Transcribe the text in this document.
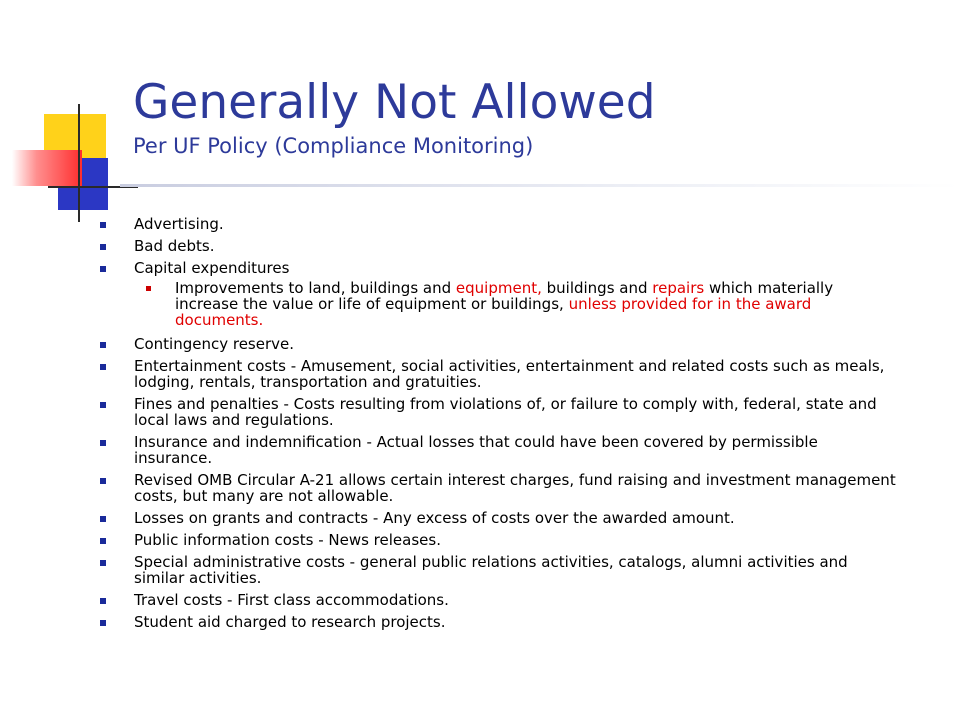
Generally Not Allowed
Per UF Policy (Compliance Monitoring)
Advertising.
Bad debts.
Capital expenditures
Improvements to land, buildings and equipment, buildings and repairs which materially increase the value or life of equipment or buildings, unless provided for in the award documents.
Contingency reserve.
Entertainment costs - Amusement, social activities, entertainment and related costs such as meals, lodging, rentals, transportation and gratuities.
Fines and penalties - Costs resulting from violations of, or failure to comply with, federal, state and local laws and regulations.
Insurance and indemnification - Actual losses that could have been covered by permissible insurance.
Revised OMB Circular A-21 allows certain interest charges, fund raising and investment management costs, but many are not allowable.
Losses on grants and contracts - Any excess of costs over the awarded amount.
Public information costs - News releases.
Special administrative costs - general public relations activities, catalogs, alumni activities and similar activities.
Travel costs - First class accommodations.
Student aid charged to research projects.
